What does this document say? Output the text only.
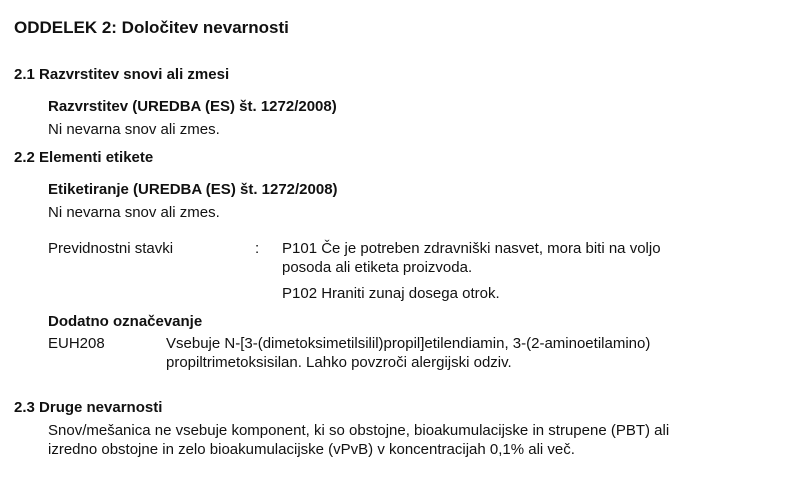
ODDELEK 2: Določitev nevarnosti
2.1 Razvrstitev snovi ali zmesi
Razvrstitev (UREDBA (ES) št. 1272/2008)
Ni nevarna snov ali zmes.
2.2 Elementi etikete
Etiketiranje (UREDBA (ES) št. 1272/2008)
Ni nevarna snov ali zmes.
Previdnostni stavki	: P101 Če je potreben zdravniški nasvet, mora biti na voljo
posoda ali etiketa proizvoda.
P102 Hraniti zunaj dosega otrok.
Dodatno označevanje
EUH208	Vsebuje N-[3-(dimetoksimetilsilil)propil]etilendiamin, 3-(2-aminoetilamino)
propiltrimetoksisilan. Lahko povzroči alergijski odziv.
2.3 Druge nevarnosti
Snov/mešanica ne vsebuje komponent, ki so obstojne, bioakumulacijske in strupene (PBT) ali
izredno obstojne in zelo bioakumulacijske (vPvB) v koncentracijah 0,1% ali več.
